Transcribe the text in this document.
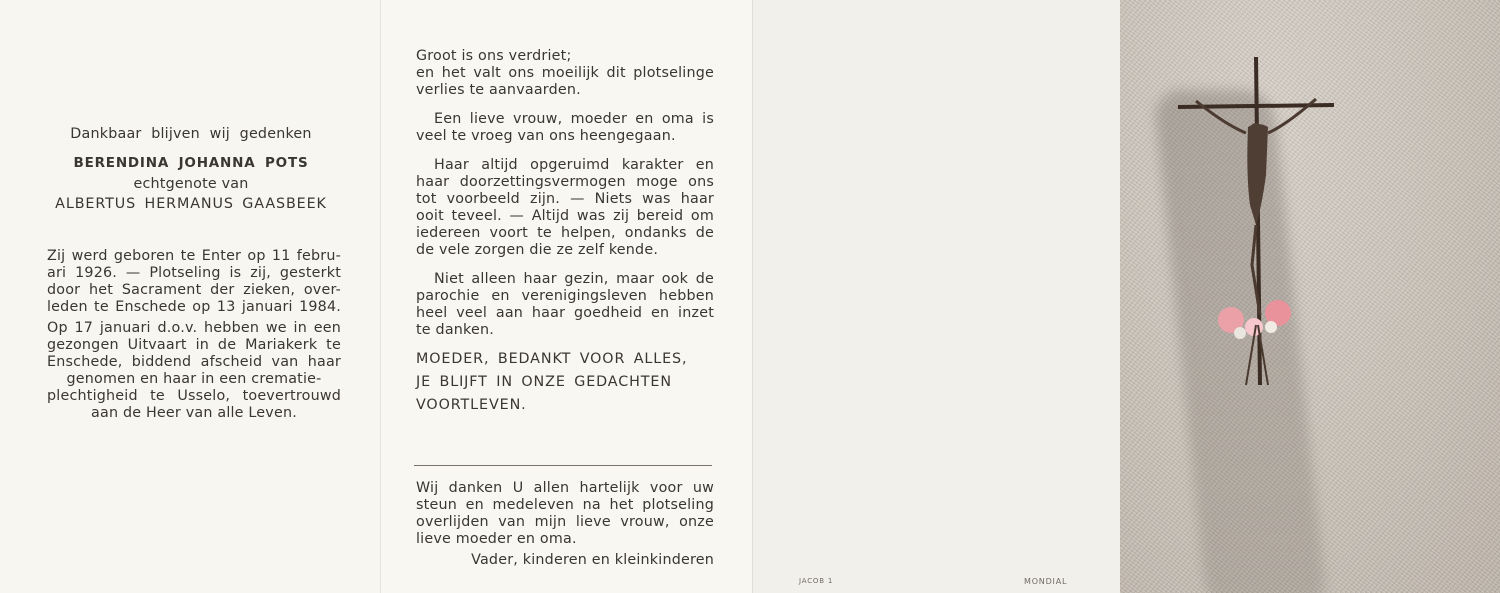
Dankbaar blijven wij gedenken
BERENDINA JOHANNA POTS
echtgenote van
ALBERTUS HERMANUS GAASBEEK
Zij werd geboren te Enter op 11 febru-
ari 1926. — Plotseling is zij, gesterkt
door het Sacrament der zieken, over-
leden te Enschede op 13 januari 1984.
Op 17 januari d.o.v. hebben we in een
gezongen Uitvaart in de Mariakerk te
Enschede, biddend afscheid van haar
genomen en haar in een crematie-
plechtigheid te Usselo, toevertrouwd
aan de Heer van alle Leven.
Groot is ons verdriet;
en het valt ons moeilijk dit plotselinge
verlies te aanvaarden.
Een lieve vrouw, moeder en oma is
veel te vroeg van ons heengegaan.
Haar altijd opgeruimd karakter en
haar doorzettingsvermogen moge ons
tot voorbeeld zijn. — Niets was haar
ooit teveel. — Altijd was zij bereid om
iedereen voort te helpen, ondanks de
de vele zorgen die ze zelf kende.
Niet alleen haar gezin, maar ook de
parochie en verenigingsleven hebben
heel veel aan haar goedheid en inzet
te danken.
MOEDER, BEDANKT VOOR ALLES,
JE BLIJFT IN ONZE GEDACHTEN
VOORTLEVEN.
Wij danken U allen hartelijk voor uw
steun en medeleven na het plotseling
overlijden van mijn lieve vrouw, onze
lieve moeder en oma.
Vader, kinderen en kleinkinderen
JACOB 1	MONDIAL
